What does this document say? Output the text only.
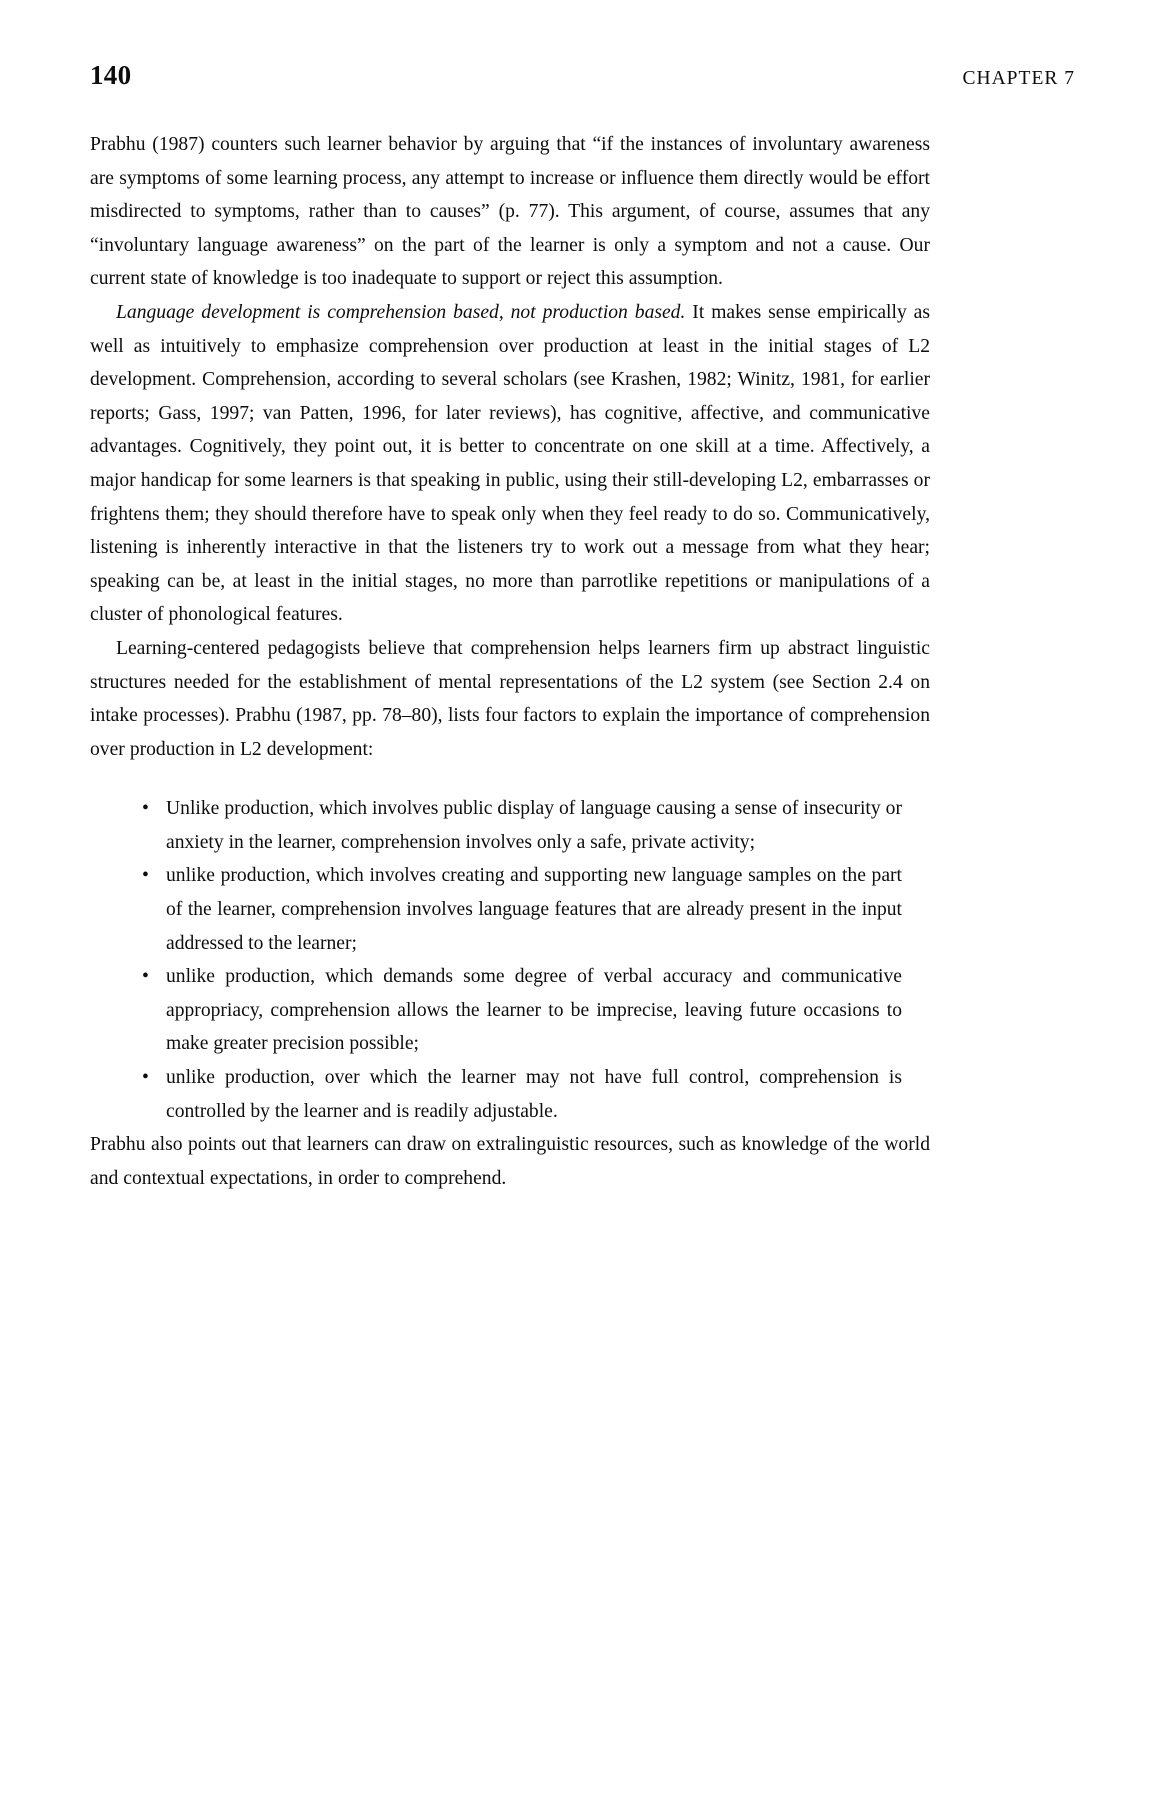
140	CHAPTER 7

Prabhu (1987) counters such learner behavior by arguing that “if the instances of involuntary awareness are symptoms of some learning process, any attempt to increase or influence them directly would be effort misdirected to symptoms, rather than to causes” (p. 77). This argument, of course, assumes that any “involuntary language awareness” on the part of the learner is only a symptom and not a cause. Our current state of knowledge is too inadequate to support or reject this assumption.

Language development is comprehension based, not production based. It makes sense empirically as well as intuitively to emphasize comprehension over production at least in the initial stages of L2 development. Comprehension, according to several scholars (see Krashen, 1982; Winitz, 1981, for earlier reports; Gass, 1997; van Patten, 1996, for later reviews), has cognitive, affective, and communicative advantages. Cognitively, they point out, it is better to concentrate on one skill at a time. Affectively, a major handicap for some learners is that speaking in public, using their still-developing L2, embarrasses or frightens them; they should therefore have to speak only when they feel ready to do so. Communicatively, listening is inherently interactive in that the listeners try to work out a message from what they hear; speaking can be, at least in the initial stages, no more than parrotlike repetitions or manipulations of a cluster of phonological features.

Learning-centered pedagogists believe that comprehension helps learners firm up abstract linguistic structures needed for the establishment of mental representations of the L2 system (see Section 2.4 on intake processes). Prabhu (1987, pp. 78–80), lists four factors to explain the importance of comprehension over production in L2 development:

• Unlike production, which involves public display of language causing a sense of insecurity or anxiety in the learner, comprehension involves only a safe, private activity;
• unlike production, which involves creating and supporting new language samples on the part of the learner, comprehension involves language features that are already present in the input addressed to the learner;
• unlike production, which demands some degree of verbal accuracy and communicative appropriacy, comprehension allows the learner to be imprecise, leaving future occasions to make greater precision possible;
• unlike production, over which the learner may not have full control, comprehension is controlled by the learner and is readily adjustable.

Prabhu also points out that learners can draw on extralinguistic resources, such as knowledge of the world and contextual expectations, in order to comprehend.
